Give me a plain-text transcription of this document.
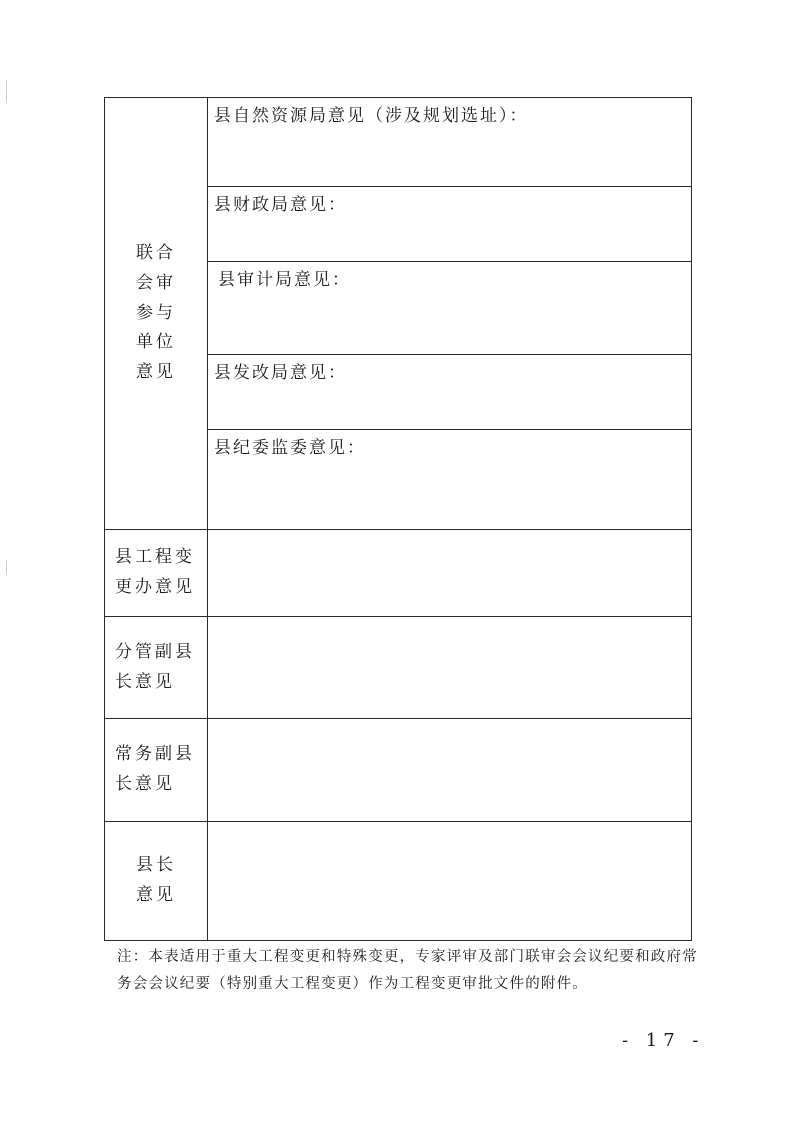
联合
会审
参与
单位
意见	县自然资源局意见（涉及规划选址）：

	县财政局意见：

	县审计局意见：

	县发改局意见：

	县纪委监委意见：

县工程变
更办意见	

分管副县
长意见	

常务副县
长意见	

县长
意见	

注：本表适用于重大工程变更和特殊变更，专家评审及部门联审会会议纪要和政府常务会会议纪要（特别重大工程变更）作为工程变更审批文件的附件。
- 17 -
